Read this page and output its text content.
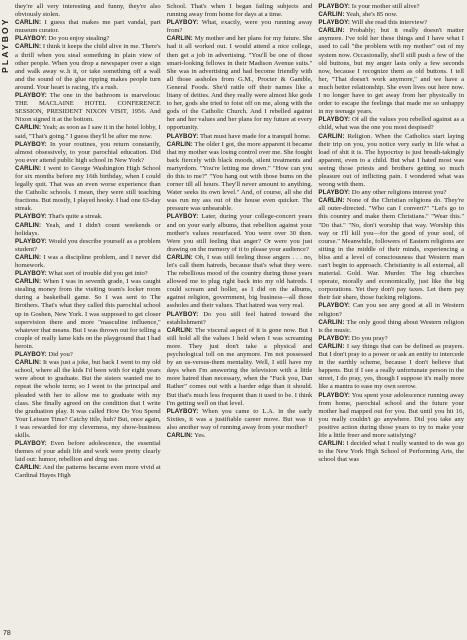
PLAYBOY
78

they're all very interesting and funny, they're also obviously stolen.

CARLIN: I guess that makes me part vandal, part museum curator.

PLAYBOY: Do you enjoy stealing?

CARLIN: I think it keeps the child alive in me. There's a thrill when you steal something in plain view of other people. When you drop a newspaper over a sign and walk away w..h it, or take something off a wall and the sound of the glue ripping makes people turn around. Your heart is racing, it's a rush.

PLAYBOY: The one in the bathroom is marvelous: THE MACLAINE HOTEL CONFERENCE SESSION, PRESIDENT NIXON VISIT, 1956. And Nixon signed it at the bottom.

CARLIN: Yeah; as soon as I saw it in the hotel lobby, I said, "That's going." I guess they'll be after me now.

PLAYBOY: In your routines, you return constantly, almost obsessively, to your parochial education. Did you ever attend public high school in New York?

CARLIN: I went to George Washington High School for six months before my 16th birthday, when I could legally quit. That was an even worse experience than the Catholic schools. I mean, they were still teaching fractions. But mostly, I played hooky. I had one 63-day streak.

PLAYBOY: That's quite a streak.

CARLIN: Yeah, and I didn't count weekends or holidays.

PLAYBOY: Would you describe yourself as a problem student?

CARLIN: I was a discipline problem, and I never did homework.

PLAYBOY: What sort of trouble did you get into?

CARLIN: When I was in seventh grade, I was caught stealing money from the visiting team's locker room during a basketball game. So I was sent to The Brothers. That's what they called this parochial school up in Goshen, New York. I was supposed to get closer supervision there and more "masculine influence," whatever that means. But I was thrown out for telling a couple of really lame kids on the playground that I had heroin.

PLAYBOY: Did you?

CARLIN: It was just a joke, but back I went to my old school, where all the kids I'd been with for eight years were about to graduate. But the sisters wanted me to repeat the whole term; so I went to the principal and pleaded with her to allow me to graduate with my class. She finally agreed on the condition that I write the graduation play. It was called How Do You Spend Your Leisure Time? Catchy title, huh? But, once again, I was rewarded for my cleverness, my show-business skills.

PLAYBOY: Even before adolescence, the essential themes of your adult life and work were pretty clearly laid out: humor, rebellion and drug use.

CARLIN: And the patterns became even more vivid at Cardinal Hayes High

School. That's when I began failing subjects and running away from home for days at a time.

PLAYBOY: What, exactly, were you running away from?

CARLIN: My mother and her plans for my future. She had it all worked out. I would attend a nice college, then get a job in advertising. "You'll be one of those smart-looking fellows in their Madison Avenue suits." She was in advertising and had become friendly with all those assholes from G.M., Procter & Gamble, General Foods. She'd rattle off their names like a litany of deities. And they really were almost like gods to her, gods she tried to foist off on me, along with the gods of the Catholic Church. And I rebelled against her and her values and her plans for my future at every opportunity.

PLAYBOY: That must have made for a tranquil home.

CARLIN: The older I got, the more apparent it became that my mother was losing control over me. She fought back fiercely with black moods, silent treatments and martyrdom. "You're letting me down." "How can you do this to me?" "You hang out with those bums on the corner till all hours. They'll never amount to anything. Water seeks its own level." And, of course, all she did was run my ass out of the house even quicker. The pressure was unbearable.

PLAYBOY: Later, during your college-concert years and on your early albums, that rebellion against your mother's values resurfaced. You were over 30 then. Were you still feeling that anger? Or were you just drawing on the memory of it to please your audience?

CARLIN: Oh, I was still feeling those angers . . . no, let's call them hatreds, because that's what they were. The rebellious mood of the country during those years allowed me to plug right back into my old hatreds. I could scream and holler, as I did on the albums, against religion, government, big business—all those assholes and their values. That hatred was very real.

PLAYBOY: Do you still feel hatred toward the establishment?

CARLIN: The visceral aspect of it is gone now. But I still hold all the values I held when I was screaming more. They just don't take a physical and psychological toll on me anymore. I'm not possessed by an us-versus-them mentality. Well, I still have my days when I'm answering the television with a little more hatred than necessary, when the "Fuck you, Dan Rather" comes out with a harder edge than it should. But that's much less frequent than it used to be. I think I'm getting well on that level.

PLAYBOY: When you came to L.A. in the early Sixties, it was a justifiable career move. But was it also another way of running away from your mother?

CARLIN: Yes.

PLAYBOY: Is your mother still alive?

CARLIN: Yeah, she's 85 now.

PLAYBOY: Will she read this interview?

CARLIN: Probably; but it really doesn't matter anymore. I've told her these things and I have what I used to call "the problem with my mother" out of my system now. Occasionally, she'll still push a few of the old buttons, but my anger lasts only a few seconds now, because I recognize them as old buttons. I tell her, "That doesn't work anymore," and we have a much better relationship. She even lives out here now. I no longer have to get away from her physically in order to escape the feelings that made me so unhappy in my teenage years.

PLAYBOY: Of all the values you rebelled against as a child, what was the one you most despised?

CARLIN: Religion. When the Catholics start laying their trip on you, you notice very early in life what a load of shit it is. The hypocrisy is just breath-takingly apparent, even to a child. But what I hated most was seeing those priests and brothers getting so much pleasure out of inflicting pain. I wondered what was wrong with them.

PLAYBOY: Do any other religions interest you?

CARLIN: None of the Christian religions do. They're all outer-directed. "Who can I convert?" "Let's go to this country and make them Christians." "Wear this." "Do that." "No, don't worship that way. Worship this way or I'll kill you—for the good of your soul, of course." Meanwhile, followers of Eastern religions are sitting in the middle of their minds, experiencing a bliss and a level of consciousness that Western man can't begin to approach. Christianity is all external, all material. Gold. War. Murder. The big churches operate, morally and economically, just like the big corporations. Yet they don't pay taxes. Let them pay their fair share, those fucking religions.

PLAYBOY: Can you see any good at all in Western religion?

CARLIN: The only good thing about Western religion is the music.

PLAYBOY: Do you pray?

CARLIN: I say things that can be defined as prayers. But I don't pray to a power or ask an entity to intercede in the earthly scheme, because I don't believe that happens. But if I see a really unfortunate person in the street, I do pray, yes, though I suppose it's really more like a mantra to ease my own sorrow.

PLAYBOY: You spent your adolescence running away from home, parochial school and the future your mother had mapped out for you. But until you hit 16, you really couldn't go anywhere. Did you take any positive action during those years to try to make your life a little freer and more satisfying?

CARLIN: I decided what I really wanted to do was go to the New York High School of Performing Arts, the school that was
